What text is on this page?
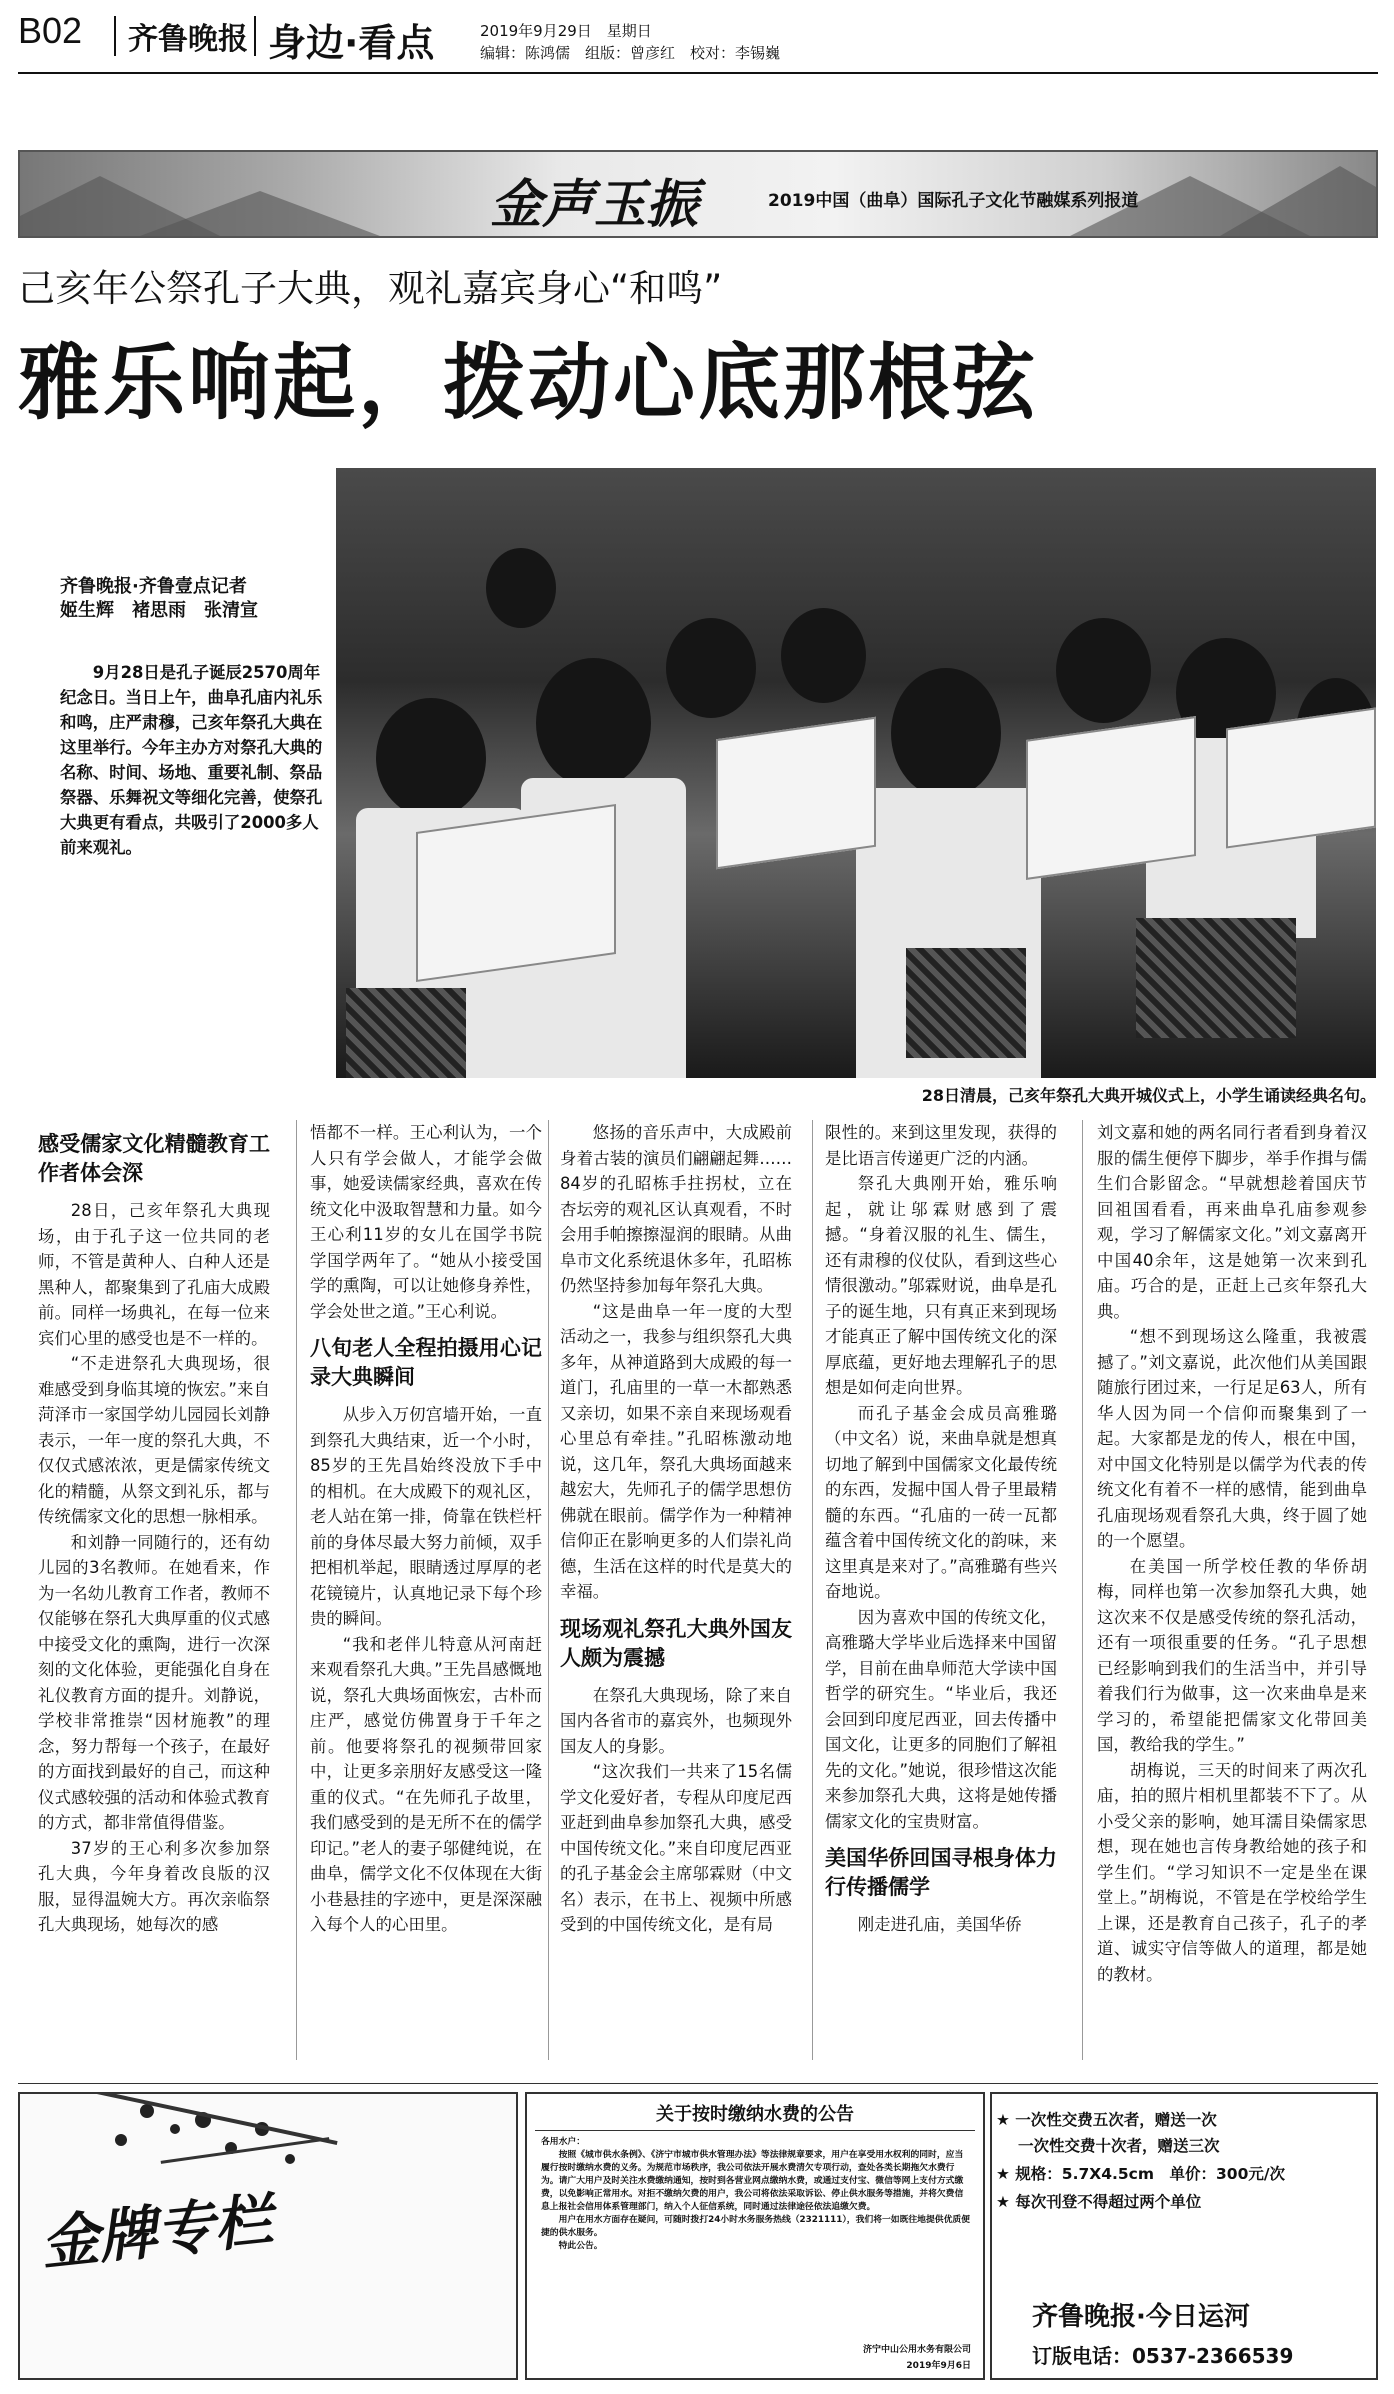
B02 齐鲁晚报 身边·看点	2019年9月29日　星期日
编辑：陈鸿儒　组版：曾彦红　校对：李锡巍
金声玉振	2019中国（曲阜）国际孔子文化节融媒系列报道
己亥年公祭孔子大典，观礼嘉宾身心“和鸣”
雅乐响起，拨动心底那根弦
28日清晨，己亥年祭孔大典开城仪式上，小学生诵读经典名句。
齐鲁晚报·齐鲁壹点记者
姬生辉　褚思雨　张清宣
9月28日是孔子诞辰2570周年纪念日。当日上午，曲阜孔庙内礼乐和鸣，庄严肃穆，己亥年祭孔大典在这里举行。今年主办方对祭孔大典的名称、时间、场地、重要礼制、祭品祭器、乐舞祝文等细化完善，使祭孔大典更有看点，共吸引了2000多人前来观礼。
感受儒家文化精髓教育工作者体会深

28日，己亥年祭孔大典现场，由于孔子这一位共同的老师，不管是黄种人、白种人还是黑种人，都聚集到了孔庙大成殿前。同样一场典礼，在每一位来宾们心里的感受也是不一样的。

“不走进祭孔大典现场，很难感受到身临其境的恢宏。”来自菏泽市一家国学幼儿园园长刘静表示，一年一度的祭孔大典，不仅仅式感浓浓，更是儒家传统文化的精髓，从祭文到礼乐，都与传统儒家文化的思想一脉相承。

和刘静一同随行的，还有幼儿园的3名教师。在她看来，作为一名幼儿教育工作者，教师不仅能够在祭孔大典厚重的仪式感中接受文化的熏陶，进行一次深刻的文化体验，更能强化自身在礼仪教育方面的提升。刘静说，学校非常推崇“因材施教”的理念，努力帮每一个孩子，在最好的方面找到最好的自己，而这种仪式感较强的活动和体验式教育的方式，都非常值得借鉴。

37岁的王心利多次参加祭孔大典，今年身着改良版的汉服，显得温婉大方。再次亲临祭孔大典现场，她每次的感

悟都不一样。王心利认为，一个人只有学会做人，才能学会做事，她爱读儒家经典，喜欢在传统文化中汲取智慧和力量。如今王心利11岁的女儿在国学书院学国学两年了。“她从小接受国学的熏陶，可以让她修身养性，学会处世之道。”王心利说。
八旬老人全程拍摄用心记录大典瞬间

从步入万仞宫墙开始，一直到祭孔大典结束，近一个小时，85岁的王先昌始终没放下手中的相机。在大成殿下的观礼区，老人站在第一排，倚靠在铁栏杆前的身体尽最大努力前倾，双手把相机举起，眼睛透过厚厚的老花镜镜片，认真地记录下每个珍贵的瞬间。

“我和老伴儿特意从河南赶来观看祭孔大典。”王先昌感慨地说，祭孔大典场面恢宏，古朴而庄严，感觉仿佛置身于千年之前。他要将祭孔的视频带回家中，让更多亲朋好友感受这一隆重的仪式。“在先师孔子故里，我们感受到的是无所不在的儒学印记。”老人的妻子邬健纯说，在曲阜，儒学文化不仅体现在大街小巷悬挂的字迹中，更是深深融入每个人的心田里。

悠扬的音乐声中，大成殿前身着古装的演员们翩翩起舞……84岁的孔昭栋手拄拐杖，立在杏坛旁的观礼区认真观看，不时会用手帕擦擦湿润的眼睛。从曲阜市文化系统退休多年，孔昭栋仍然坚持参加每年祭孔大典。

“这是曲阜一年一度的大型活动之一，我参与组织祭孔大典多年，从神道路到大成殿的每一道门，孔庙里的一草一木都熟悉又亲切，如果不亲自来现场观看心里总有牵挂。”孔昭栋激动地说，这几年，祭孔大典场面越来越宏大，先师孔子的儒学思想仿佛就在眼前。儒学作为一种精神信仰正在影响更多的人们崇礼尚德，生活在这样的时代是莫大的幸福。

现场观礼祭孔大典外国友人颇为震撼

在祭孔大典现场，除了来自国内各省市的嘉宾外，也频现外国友人的身影。

“这次我们一共来了15名儒学文化爱好者，专程从印度尼西亚赶到曲阜参加祭孔大典，感受中国传统文化。”来自印度尼西亚的孔子基金会主席邬霖财（中文名）表示，在书上、视频中所感受到的中国传统文化，是有局

限性的。来到这里发现，获得的是比语言传递更广泛的内涵。

祭孔大典刚开始，雅乐响起，就让邬霖财感到了震撼。“身着汉服的礼生、儒生，还有肃穆的仪仗队，看到这些心情很激动。”邬霖财说，曲阜是孔子的诞生地，只有真正来到现场才能真正了解中国传统文化的深厚底蕴，更好地去理解孔子的思想是如何走向世界。

而孔子基金会成员高雅璐（中文名）说，来曲阜就是想真切地了解到中国儒家文化最传统的东西，发掘中国人骨子里最精髓的东西。“孔庙的一砖一瓦都蕴含着中国传统文化的韵味，来这里真是来对了。”高雅璐有些兴奋地说。

因为喜欢中国的传统文化，高雅璐大学毕业后选择来中国留学，目前在曲阜师范大学读中国哲学的研究生。“毕业后，我还会回到印度尼西亚，回去传播中国文化，让更多的同胞们了解祖先的文化。”她说，很珍惜这次能来参加祭孔大典，这将是她传播儒家文化的宝贵财富。

美国华侨回国寻根身体力行传播儒学

刚走进孔庙，美国华侨

刘文嘉和她的两名同行者看到身着汉服的儒生便停下脚步，举手作揖与儒生们合影留念。“早就想趁着国庆节回祖国看看，再来曲阜孔庙参观参观，学习了解儒家文化。”刘文嘉离开中国40余年，这是她第一次来到孔庙。巧合的是，正赶上己亥年祭孔大典。

“想不到现场这么隆重，我被震撼了。”刘文嘉说，此次他们从美国跟随旅行团过来，一行足足63人，所有华人因为同一个信仰而聚集到了一起。大家都是龙的传人，根在中国，对中国文化特别是以儒学为代表的传统文化有着不一样的感情，能到曲阜孔庙现场观看祭孔大典，终于圆了她的一个愿望。

在美国一所学校任教的华侨胡梅，同样也第一次参加祭孔大典，她这次来不仅是感受传统的祭孔活动，还有一项很重要的任务。“孔子思想已经影响到我们的生活当中，并引导着我们行为做事，这一次来曲阜是来学习的，希望能把儒家文化带回美国，教给我的学生。”

胡梅说，三天的时间来了两次孔庙，拍的照片相机里都装不下了。从小受父亲的影响，她耳濡目染儒家思想，现在她也言传身教给她的孩子和学生们。“学习知识不一定是坐在课堂上。”胡梅说，不管是在学校给学生上课，还是教育自己孩子，孔子的孝道、诚实守信等做人的道理，都是她的教材。

金牌专栏
关于按时缴纳水费的公告
各用水户：
按照《城市供水条例》、《济宁市城市供水管理办法》等法律规章要求，用户在享受用水权利的同时，应当履行按时缴纳水费的义务。为规范市场秩序，我公司依法开展水费清欠专项行动，查处各类长期拖欠水费行为。请广大用户及时关注水费缴纳通知，按时到各营业网点缴纳水费，或通过支付宝、微信等网上支付方式缴费，以免影响正常用水。对拒不缴纳欠费的用户，我公司将依法采取诉讼、停止供水服务等措施，并将欠费信息上报社会信用体系管理部门，纳入个人征信系统，同时通过法律途径依法追缴欠费。
用户在用水方面存在疑问，可随时拨打24小时水务服务热线（2321111），我们将一如既往地提供优质便捷的供水服务。
特此公告。
济宁中山公用水务有限公司
2019年9月6日
★ 一次性交费五次者，赠送一次
一次性交费十次者，赠送三次
★ 规格：5.7X4.5cm　单价：300元/次
★ 每次刊登不得超过两个单位
齐鲁晚报·今日运河
订版电话：0537-2366539
